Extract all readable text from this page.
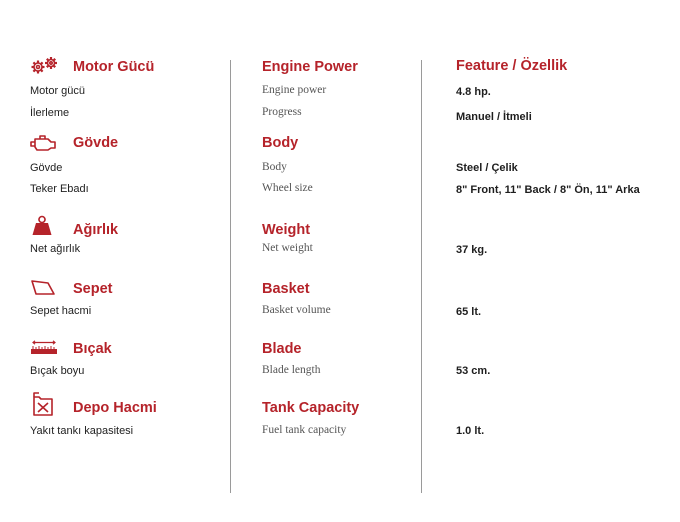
Feature / Özellik
Motor Gücü	Engine Power
Motor gücü	Engine power	4.8 hp.
İlerleme	Progress	Manuel / İtmeli
Gövde	Body
Gövde	Body	Steel / Çelik
Teker Ebadı	Wheel size	8" Front, 11" Back / 8" Ön, 11" Arka
Ağırlık	Weight
Net ağırlık	Net weight	37 kg.
Sepet	Basket
Sepet hacmi	Basket volume	65 lt.
Bıçak	Blade
Bıçak boyu	Blade length	53 cm.
Depo Hacmi	Tank Capacity
Yakıt tankı kapasitesi	Fuel tank capacity	1.0 lt.
